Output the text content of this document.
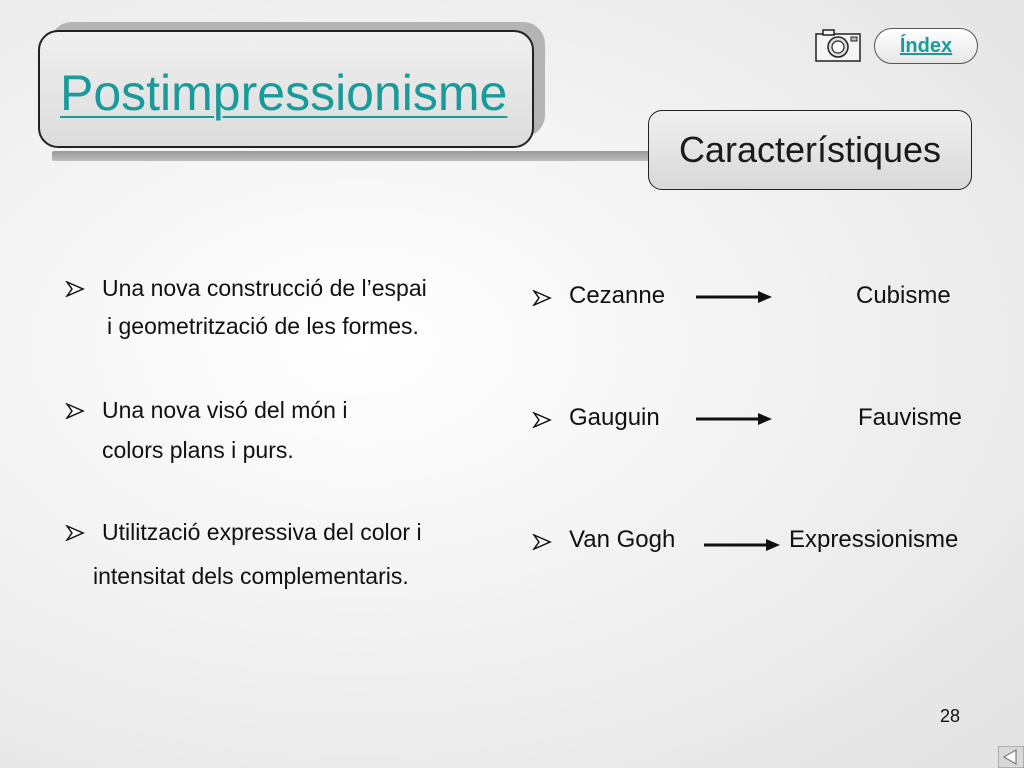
Postimpressionisme
Característiques
Índex
Una nova construcció de l’espai
i geometrització de les formes.
Una nova visó del món i
colors plans i purs.
Utilització expressiva del color i
intensitat dels complementaris.
Cezanne	Cubisme
Gauguin	Fauvisme
Van Gogh	Expressionisme
28
